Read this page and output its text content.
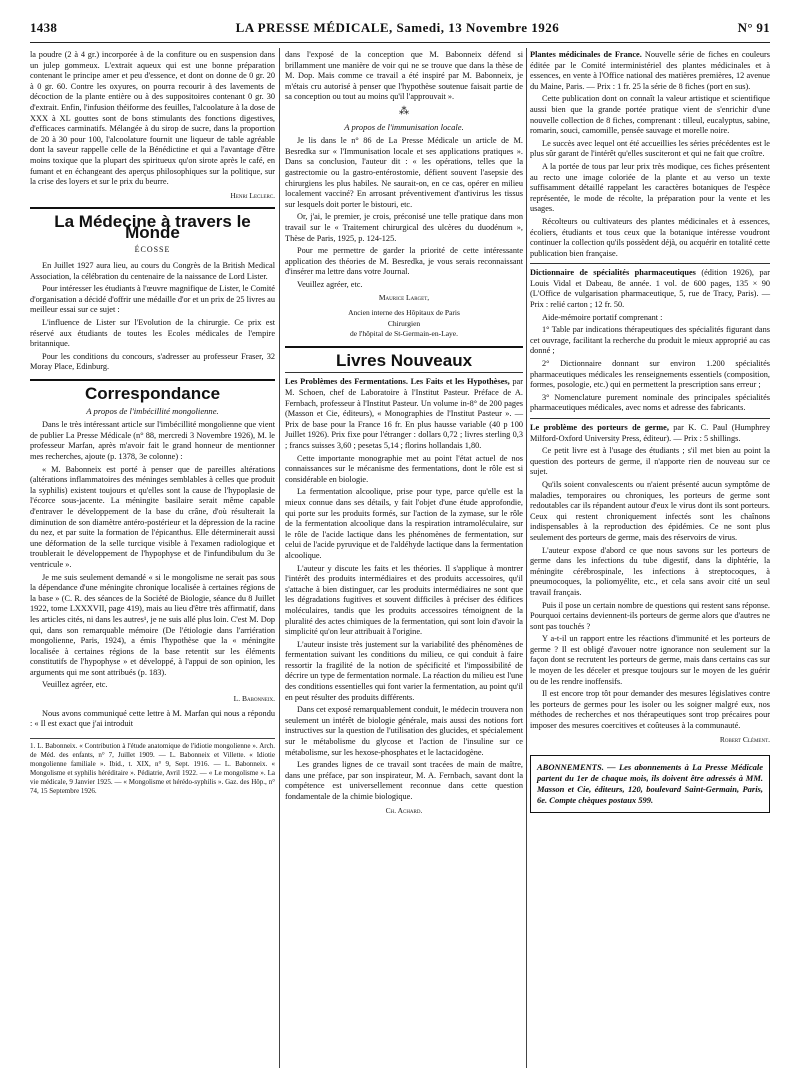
1438	LA PRESSE MÉDICALE, Samedi, 13 Novembre 1926	N° 91

la poudre (2 à 4 gr.) incorporée à de la confiture ou en suspension dans un julep gommeux. L'extrait aqueux qui est une bonne préparation contenant le principe amer et peu d'essence, et dont on donne de 0 gr. 20 à 0 gr. 60. Contre les oxyures, on pourra recourir à des lavements de décoction de la plante entière ou à des suppositoires contenant 0 gr. 30 d'extrait. Enfin, l'infusion théiforme des feuilles, l'alcoolature à la dose de XXX à XL gouttes sont de bons stimulants des fonctions digestives, d'efficaces carminatifs. Mélangée à du sirop de sucre, dans la proportion de 20 à 30 pour 100, l'alcoolature fournit une liqueur de table agréable dont la saveur rappelle celle de la Bénédictine et qui a l'avantage d'être moins toxique que la plupart des spiritueux qu'on sirote après le café, en fumant et en échangeant des aperçus philosophiques sur la politique, sur la crise des loyers et sur le prix du beurre.

Henri Leclerc.

La Médecine à travers le Monde
ÉCOSSE

En Juillet 1927 aura lieu, au cours du Congrès de la British Medical Association, la célébration du centenaire de la naissance de Lord Lister.

Pour intéresser les étudiants à l'œuvre magnifique de Lister, le Comité d'organisation a décidé d'offrir une médaille d'or et un prix de 25 livres au meilleur essai sur ce sujet :

L'influence de Lister sur l'Evolution de la chirurgie. Ce prix est réservé aux étudiants de toutes les Ecoles médicales de l'empire britannique.

Pour les conditions du concours, s'adresser au professeur Fraser, 32 Moray Place, Edinburg.

Correspondance
A propos de l'imbécillité mongolienne.

Dans le très intéressant article sur l'imbécillité mongolienne que vient de publier La Presse Médicale (n° 88, mercredi 3 Novembre 1926), M. le professeur Marfan, après m'avoir fait le grand honneur de mentionner mes recherches, ajoute (p. 1378, 3e colonne) :

« M. Babonneix est porté à penser que de pareilles altérations (altérations inflammatoires des méninges semblables à celles que produit la syphilis) existent toujours et qu'elles sont la cause de l'hypoplasie de l'écorce sous-jacente. La méningite basilaire serait même capable d'entraver le développement de la base du crâne, d'où résulterait la diminution de son diamètre antéro-postérieur et la dépression de la racine du nez, et par suite la formation de l'épicanthus. Elle déterminerait aussi une déformation de la selle turcique visible à l'examen radiologique et troublerait le développement de l'hypophyse et de l'infundibulum du 3e ventricule ».

Je me suis seulement demandé « si le mongolisme ne serait pas sous la dépendance d'une méningite chronique localisée à certaines régions de la base » (C. R. des séances de la Société de Biologie, séance du 8 Juillet 1922, tome LXXXVII, page 419), mais au lieu d'être très affirmatif, dans les articles cités, ni dans les autres¹, je ne suis allé plus loin. C'est M. Dop qui, dans son remarquable mémoire (De l'étiologie dans l'arriération mongolienne, Paris, 1924), a émis l'hypothèse que la « méningite localisée à certaines régions de la base retentit sur les éléments constitutifs de l'hypophyse » et développé, à l'appui de son opinion, les arguments qui me sont attribués (p. 183).

Veuillez agréer, etc.

L. Babonneix.

Nous avons communiqué cette lettre à M. Marfan qui nous a répondu : « Il est exact que j'ai introduit

1. L. Babonneix. « Contribution à l'étude anatomique de l'idiotie mongolienne ». Arch. de Méd. des enfants, n° 7, Juillet 1909. — L. Babonneix et Villette. « Idiotie mongolienne familiale ». Ibid., t. XIX, n° 9, Sept. 1916. — L. Babonneix. « Mongolisme et syphilis héréditaire ». Pédiatrie, Avril 1922. — « Le mongolisme ». La vie médicale, 9 Janvier 1925. — « Mongolisme et hérédo-syphilis ». Gaz. des Hôp., n° 74, 15 Septembre 1926.

dans l'exposé de la conception que M. Babonneix défend si brillamment une manière de voir qui ne se trouve que dans la thèse de M. Dop. Mais comme ce travail a été inspiré par M. Babonneix, je m'étais cru autorisé à penser que l'hypothèse soutenue faisait partie de sa conception ou tout au moins qu'il l'approuvait ».

⁂
A propos de l'immunisation locale.

Je lis dans le n° 86 de La Presse Médicale un article de M. Besredka sur « l'Immunisation locale et ses applications pratiques ». Dans sa conclusion, l'auteur dit : « les opérations, telles que la gastrectomie ou la gastro-entérostomie, défient souvent l'asepsie des chirurgiens les plus habiles. Ne saurait-on, en ce cas, opérer en milieu localement vacciné? En arrosant préventivement d'antivirus les tissus sur lesquels doit porter le bistouri, etc.

Or, j'ai, le premier, je crois, préconisé une telle pratique dans mon travail sur le « Traitement chirurgical des ulcères du duodénum », Thèse de Paris, 1925, p. 124-125.

Pour me permettre de garder la priorité de cette intéressante application des théories de M. Besredka, je vous serais reconnaissant d'insérer ma lettre dans votre Journal.

Veuillez agréer, etc.

Maurice Larget,

Ancien interne des Hôpitaux de Paris

Chirurgien

de l'hôpital de St-Germain-en-Laye.

Livres Nouveaux

Les Problèmes des Fermentations. Les Faits et les Hypothèses, par M. Schoen, chef de Laboratoire à l'Institut Pasteur. Préface de A. Fernbach, professeur à l'Institut Pasteur. Un volume in-8° de 200 pages (Masson et Cie, éditeurs), « Monographies de l'Institut Pasteur ». — Prix de base pour la France 16 fr. En plus hausse variable (40 p 100 Juillet 1926). Prix fixe pour l'étranger : dollars 0,72 ; livres sterling 0,3 ; francs suisses 3,60 ; pesetas 5,14 ; florins hollandais 1,80.

Cette importante monographie met au point l'état actuel de nos connaissances sur le mécanisme des fermentations, dont le rôle est si considérable en biologie.

La fermentation alcoolique, prise pour type, parce qu'elle est la mieux connue dans ses détails, y fait l'objet d'une étude approfondie, qui porte sur les produits formés, sur l'action de la zymase, sur le rôle de la fermentation alcoolique dans la respiration intramoléculaire, sur le rôle de l'acide lactique dans les phénomènes de fermentation, sur celui de l'acide pyruvique et de l'aldéhyde lactique dans la fermentation alcoolique.

L'auteur y discute les faits et les théories. Il s'applique à montrer l'intérêt des produits intermédiaires et des produits accessoires, qu'il s'attache à bien distinguer, car les produits intermédiaires ne sont que les dégradations fugitives et souvent difficiles à préciser des édifices moléculaires, tandis que les produits accessoires témoignent de la pluralité des actes chimiques de la fermentation, qui sont loin d'avoir la simplicité qu'on leur attribuait à l'origine.

L'auteur insiste très justement sur la variabilité des phénomènes de fermentation suivant les conditions du milieu, ce qui conduit à faire ressortir la fragilité de la notion de spécificité et l'impossibilité de décrire un type de fermentation normale. La réaction du milieu est l'une des conditions essentielles qui font varier la fermentation, au point qu'il en peut résulter des produits différents.

Dans cet exposé remarquablement conduit, le médecin trouvera non seulement un intérêt de biologie générale, mais aussi des notions fort instructives sur la question de l'utilisation des glucides, et spécialement sur le métabolisme du glycose et l'action de l'insuline sur ce métabolisme, sur les hexose-phosphates et le lactacidogène.

Les grandes lignes de ce travail sont tracées de main de maître, dans une préface, par son inspirateur, M. A. Fernbach, savant dont la compétence est universellement reconnue dans cette question fondamentale de la chimie biologique.

Ch. Achard.

Plantes médicinales de France. Nouvelle série de fiches en couleurs éditée par le Comité interministériel des plantes médicinales et à essences, en vente à l'Office national des matières premières, 12 avenue du Maine, Paris. — Prix : 1 fr. 25 la série de 8 fiches (port en sus).

Cette publication dont on connaît la valeur artistique et scientifique aussi bien que la grande portée pratique vient de s'enrichir d'une nouvelle collection de 8 fiches, comprenant : tilleul, eucalyptus, sabine, romarin, souci, camomille, pensée sauvage et morelle noire.

Le succès avec lequel ont été accueillies les séries précédentes est le plus sûr garant de l'intérêt qu'elles susciteront et qui ne fait que croître.

A la portée de tous par leur prix très modique, ces fiches présentent au recto une image coloriée de la plante et au verso un texte suffisamment détaillé rappelant les caractères botaniques de l'espèce représentée, le mode de récolte, la préparation pour la vente et les usages.

Récolteurs ou cultivateurs des plantes médicinales et à essences, écoliers, étudiants et tous ceux que la botanique intéresse voudront continuer la collection qu'ils possèdent déjà, ou acquérir en totalité cette publication bien française.

Dictionnaire de spécialités pharmaceutiques (édition 1926), par Louis Vidal et Dabeau, 8e année. 1 vol. de 600 pages, 135 × 90 (L'Office de vulgarisation pharmaceutique, 5, rue de Tracy, Paris). — Prix : relié carton ; 12 fr. 50.

Aide-mémoire portatif comprenant :

1° Table par indications thérapeutiques des spécialités figurant dans cet ouvrage, facilitant la recherche du produit le mieux approprié au cas donné ;

2° Dictionnaire donnant sur environ 1.200 spécialités pharmaceutiques médicales les renseignements essentiels (composition, formes, posologie, etc.) qui en permettent la prescription sans erreur ;

3° Nomenclature purement nominale des principales spécialités pharmaceutiques médicales, avec noms et adresse des fabricants.

Le problème des porteurs de germe, par K. C. Paul (Humphrey Milford-Oxford University Press, éditeur). — Prix : 5 shillings.

Ce petit livre est à l'usage des étudiants ; s'il met bien au point la question des porteurs de germe, il n'apporte rien de nouveau sur ce sujet.

Qu'ils soient convalescents ou n'aient présenté aucun symptôme de maladies, temporaires ou chroniques, les porteurs de germe sont redoutables car ils répandent autour d'eux le virus dont ils sont porteurs. Ceux qui restent chroniquement infectés sont les chaînons indispensables à la reproduction des épidémies. Ce ne sont plus seulement des porteurs de germe, mais des réservoirs de virus.

L'auteur expose d'abord ce que nous savons sur les porteurs de germe dans les infections du tube digestif, dans la diphtérie, la méningite cérébrospinale, les infections à streptocoques, à pneumocoques, la poliomyélite, etc., et cela sans avoir cité un seul travail français.

Puis il pose un certain nombre de questions qui restent sans réponse. Pourquoi certains deviennent-ils porteurs de germe alors que d'autres ne sont pas touchés ?

Y a-t-il un rapport entre les réactions d'immunité et les porteurs de germe ? Il est obligé d'avouer notre ignorance non seulement sur la façon dont se recrutent les porteurs de germe, mais dans certains cas sur le moyen de les déceler et presque toujours sur le moyen de les guérir ou de les rendre inoffensifs.

Il est encore trop tôt pour demander des mesures législatives contre les porteurs de germes pour les isoler ou les soigner malgré eux, nos méthodes de recherches et nos thérapeutiques sont trop précaires pour imposer des mesures coercitives et coûteuses à la communauté.

Robert Clément.

ABONNEMENTS. — Les abonnements à La Presse Médicale partent du 1er de chaque mois, ils doivent être adressés à MM. Masson et Cie, éditeurs, 120, boulevard Saint-Germain, Paris, 6e. Compte chèques postaux 599.
